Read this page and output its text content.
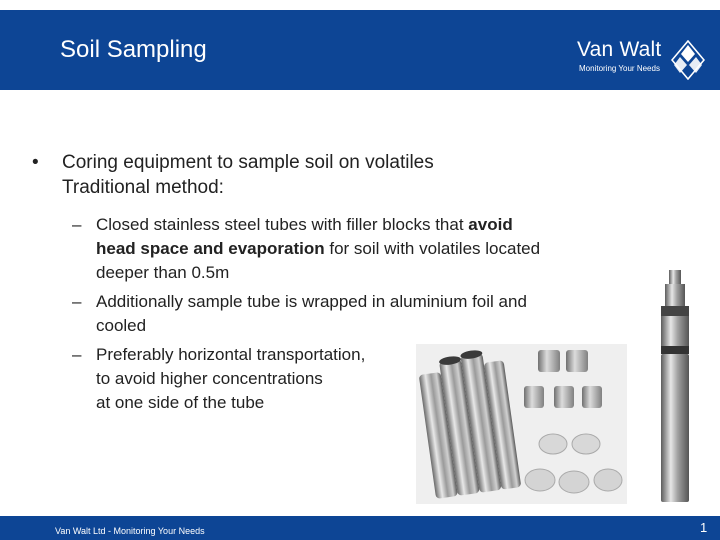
Soil Sampling	Van Walt
Monitoring Your Needs
• Coring equipment to sample soil on volatiles
Traditional method:
– Closed stainless steel tubes with filler blocks that avoid
head space and evaporation for soil with volatiles located
deeper than 0.5m
– Additionally sample tube is wrapped in aluminium foil and
cooled
– Preferably horizontal transportation,
to avoid higher concentrations
at one side of the tube
Van Walt Ltd - Monitoring Your Needs	1
